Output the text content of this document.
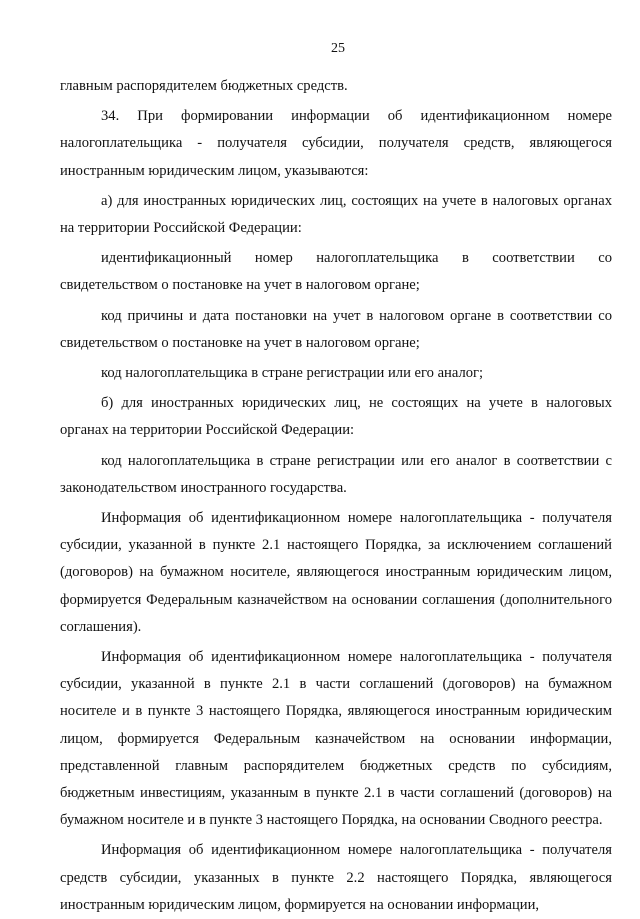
25

главным распорядителем бюджетных средств.

34. При формировании информации об идентификационном номере налогоплательщика - получателя субсидии, получателя средств, являющегося иностранным юридическим лицом, указываются:

а) для иностранных юридических лиц, состоящих на учете в налоговых органах на территории Российской Федерации:

идентификационный номер налогоплательщика в соответствии со свидетельством о постановке на учет в налоговом органе;

код причины и дата постановки на учет в налоговом органе в соответствии со свидетельством о постановке на учет в налоговом органе;

код налогоплательщика в стране регистрации или его аналог;

б) для иностранных юридических лиц, не состоящих на учете в налоговых органах на территории Российской Федерации:

код налогоплательщика в стране регистрации или его аналог в соответствии с законодательством иностранного государства.

Информация об идентификационном номере налогоплательщика - получателя субсидии, указанной в пункте 2.1 настоящего Порядка, за исключением соглашений (договоров) на бумажном носителе, являющегося иностранным юридическим лицом, формируется Федеральным казначейством на основании соглашения (дополнительного соглашения).

Информация об идентификационном номере налогоплательщика - получателя субсидии, указанной в пункте 2.1 в части соглашений (договоров) на бумажном носителе и в пункте 3 настоящего Порядка, являющегося иностранным юридическим лицом, формируется Федеральным казначейством на основании информации, представленной главным распорядителем бюджетных средств по субсидиям, бюджетным инвестициям, указанным в пункте 2.1 в части соглашений (договоров) на бумажном носителе и в пункте 3 настоящего Порядка, на основании Сводного реестра.

Информация об идентификационном номере налогоплательщика - получателя средств субсидии, указанных в пункте 2.2 настоящего Порядка, являющегося иностранным юридическим лицом, формируется на основании информации,
